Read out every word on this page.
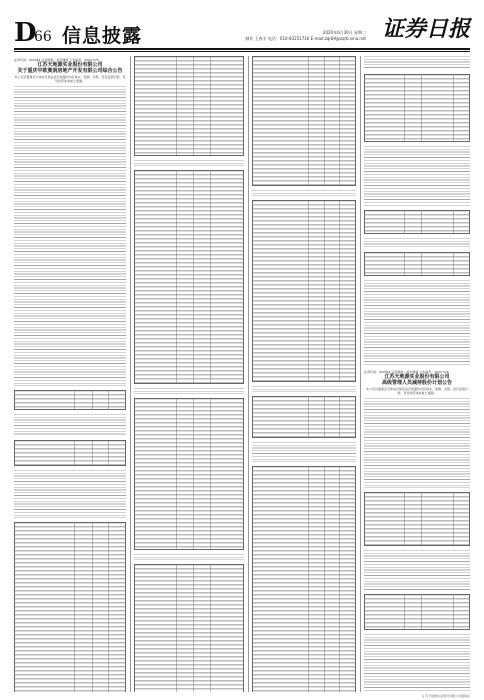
D
66 信息披露	2020年6月30日 星期二
制作 王春丰 电话：010-83251716 E-mail:zqrb9@zqrb.sina.net 证券日报
证券代码：002044 证券简称：美年健康 公告编号：2020-075
江苏天地源实业股份有限公司
关于重庆中欧奥润房地产开发有限公司综合公告
本公司及董事会全体成员保证信息披露的内容真实、准确、完整，没有虚假记载、误导性陈述或重大遗漏。
证券代码：002044 证券简称：美年健康 公告编号：2020-076
江苏天地源实业股份有限公司
高级管理人员减持股份计划公告
本公司及董事会全体成员保证信息披露的内容真实、准确、完整，没有虚假记载、误导性陈述或重大遗漏。
江苏天地源实业股份有限公司董事会
